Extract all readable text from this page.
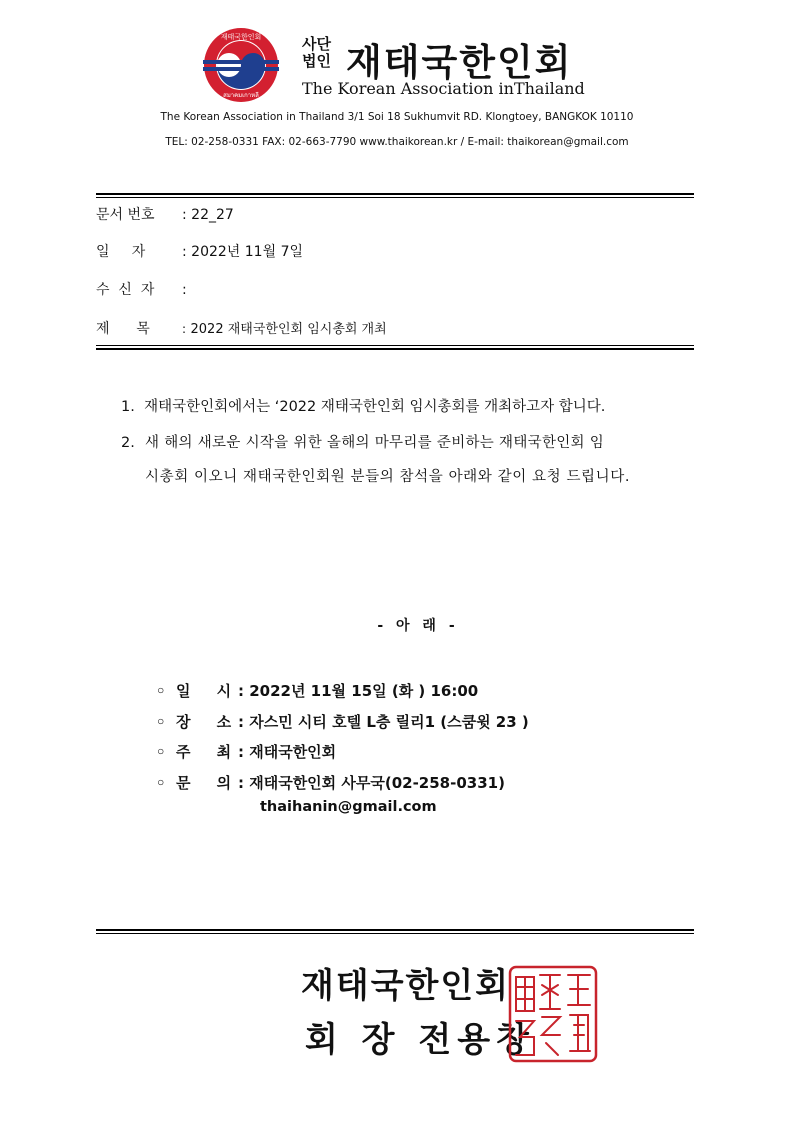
재태국한인회
สมาคมเกาหลี
사단
법인 재태국한인회
The Korean Association inThailand
The Korean Association in Thailand 3/1 Soi 18 Sukhumvit RD. Klongtoey, BANGKOK 10110
TEL: 02-258-0331 FAX: 02-663-7790 www.thaikorean.kr / E-mail: thaikorean@gmail.com
문서 번호 : 22_27
일     자	: 2022년 11월 7일
수  신  자 :
제      목	: 2022 재태국한인회 임시총회 개최
1. 재태국한인회에서는 ‘2022 재태국한인회 임시총회를 개최하고자 합니다.
2. 새 해의 새로운 시작을 위한 올해의 마무리를 준비하는 재태국한인회 임
시총회 이오니 재태국한인회원 분들의 참석을 아래와 같이 요청 드립니다.
- 아 래 -
◦ 일     시 : 2022년 11월 15일 (화 ) 16:00
◦ 장     소 : 자스민 시티 호텔 L층 릴리1 (스쿰윗 23 )
◦ 주     최 : 재태국한인회
◦ 문     의 : 재태국한인회 사무국(02-258-0331)
thaihanin@gmail.com
재태국한인회
회 장 전용창
